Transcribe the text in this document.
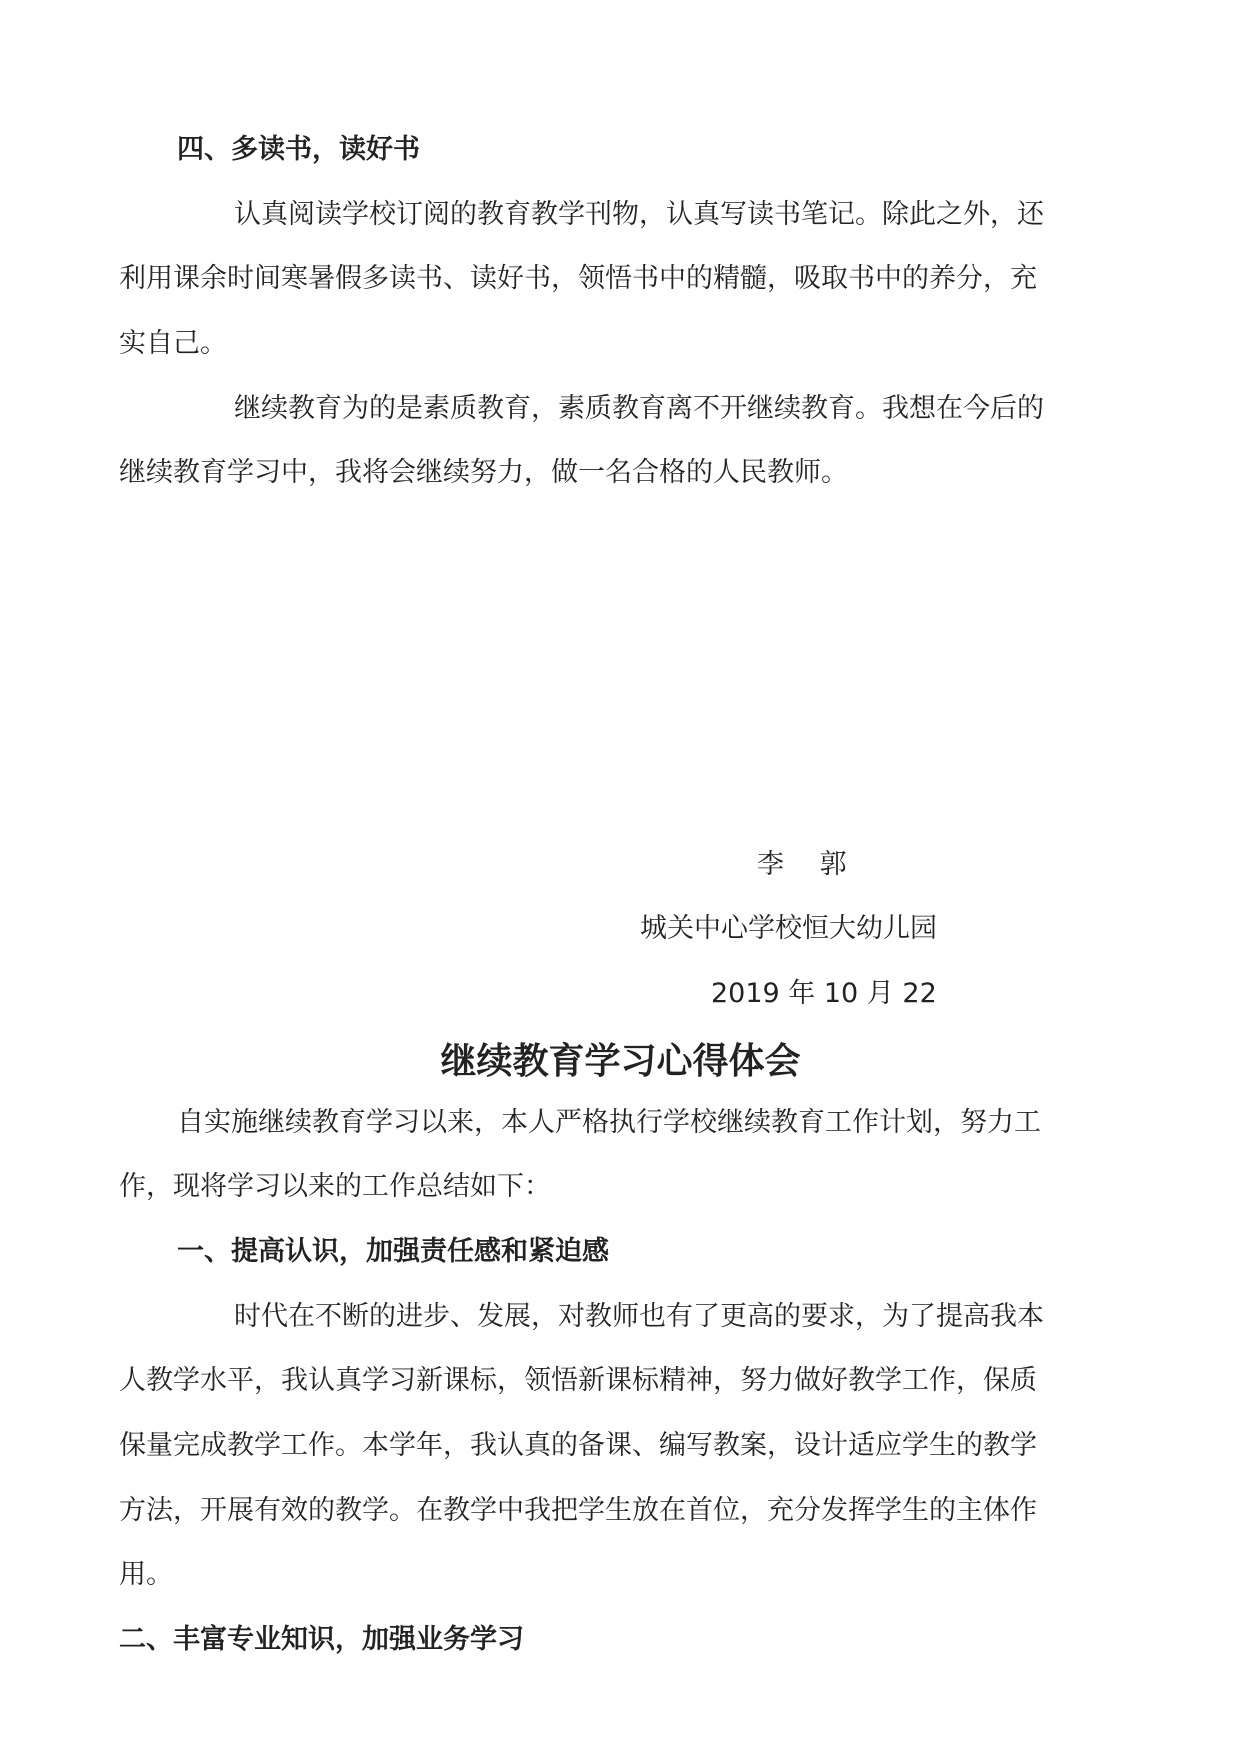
四、多读书，读好书

认真阅读学校订阅的教育教学刊物，认真写读书笔记。除此之外，还

利用课余时间寒暑假多读书、读好书，领悟书中的精髓，吸取书中的养分，充

实自己。

继续教育为的是素质教育，素质教育离不开继续教育。我想在今后的

继续教育学习中，我将会继续努力，做一名合格的人民教师。

李　 郭

城关中心学校恒大幼儿园

2019 年 10 月 22

继续教育学习心得体会

自实施继续教育学习以来，本人严格执行学校继续教育工作计划，努力工

作，现将学习以来的工作总结如下：

一、提高认识，加强责任感和紧迫感

时代在不断的进步、发展，对教师也有了更高的要求，为了提高我本

人教学水平，我认真学习新课标，领悟新课标精神，努力做好教学工作，保质

保量完成教学工作。本学年，我认真的备课、编写教案，设计适应学生的教学

方法，开展有效的教学。在教学中我把学生放在首位，充分发挥学生的主体作

用。

二、丰富专业知识，加强业务学习
